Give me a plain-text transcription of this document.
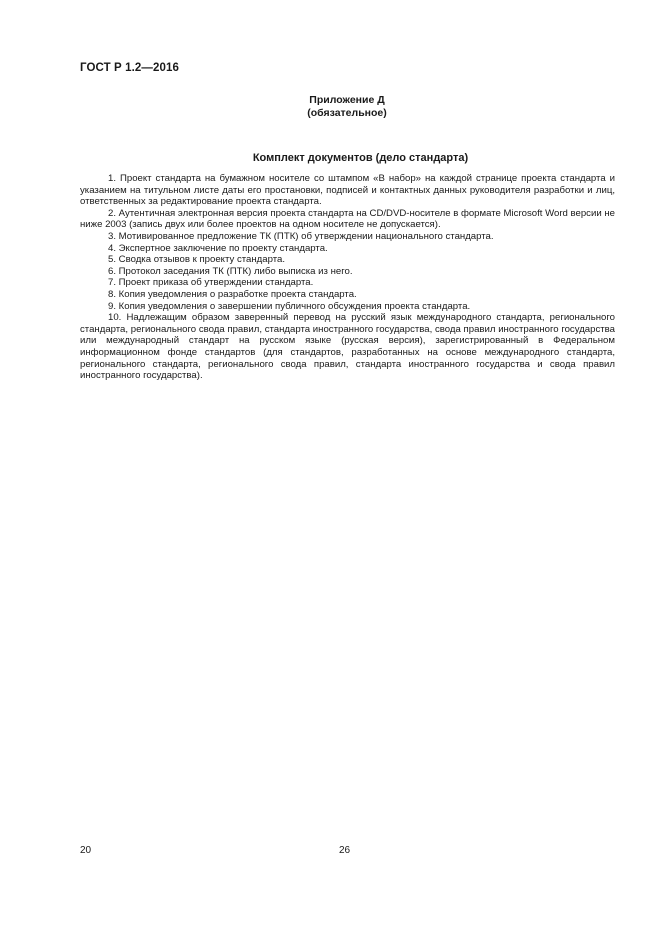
ГОСТ Р 1.2—2016
Приложение Д
(обязательное)
Комплект документов (дело стандарта)

1. Проект стандарта на бумажном носителе со штампом «В набор» на каждой странице проекта стандарта и указанием на титульном листе даты его простановки, подписей и контактных данных руководителя разработки и лиц, ответственных за редактирование проекта стандарта.

2. Аутентичная электронная версия проекта стандарта на CD/DVD-носителе в формате Microsoft Word версии не ниже 2003 (запись двух или более проектов на одном носителе не допускается).

3. Мотивированное предложение ТК (ПТК) об утверждении национального стандарта.

4. Экспертное заключение по проекту стандарта.

5. Сводка отзывов к проекту стандарта.

6. Протокол заседания ТК (ПТК) либо выписка из него.

7. Проект приказа об утверждении стандарта.

8. Копия уведомления о разработке проекта стандарта.

9. Копия уведомления о завершении публичного обсуждения проекта стандарта.

10. Надлежащим образом заверенный перевод на русский язык международного стандарта, регионального стандарта, регионального свода правил, стандарта иностранного государства, свода правил иностранного государства или международный стандарт на русском языке (русская версия), зарегистрированный в Федеральном информационном фонде стандартов (для стандартов, разработанных на основе международного стандарта, регионального стандарта, регионального свода правил, стандарта иностранного государства и свода правил иностранного государства).

20	26
